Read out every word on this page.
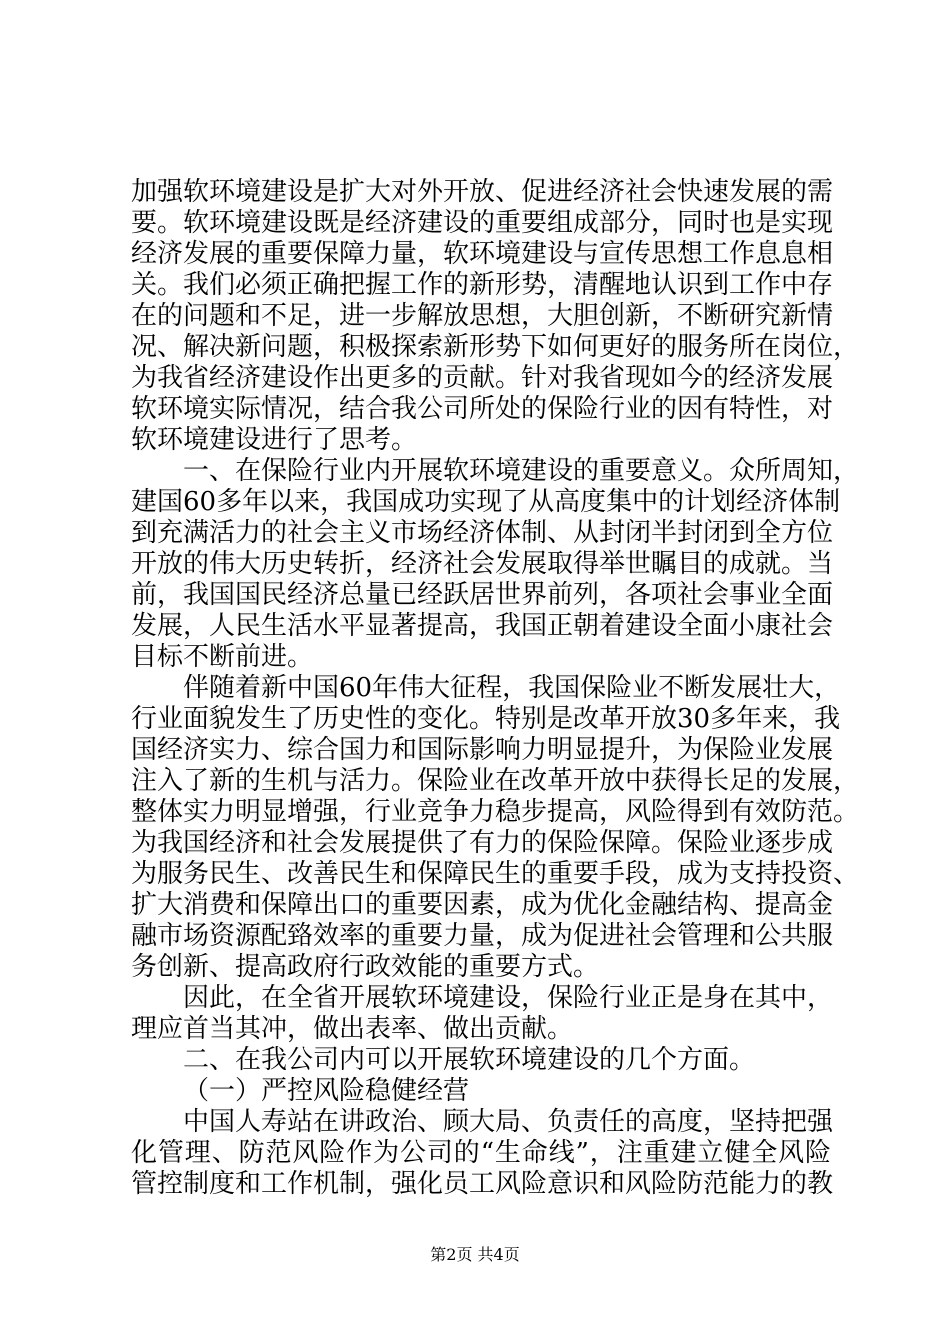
加强软环境建设是扩大对外开放、促进经济社会快速发展的需
要。软环境建设既是经济建设的重要组成部分，同时也是实现
经济发展的重要保障力量，软环境建设与宣传思想工作息息相
关。我们必须正确把握工作的新形势，清醒地认识到工作中存
在的问题和不足，进一步解放思想，大胆创新，不断研究新情
况、解决新问题，积极探索新形势下如何更好的服务所在岗位，
为我省经济建设作出更多的贡献。针对我省现如今的经济发展
软环境实际情况，结合我公司所处的保险行业的因有特性，对
软环境建设进行了思考。
一、在保险行业内开展软环境建设的重要意义。众所周知，
建国60多年以来，我国成功实现了从高度集中的计划经济体制
到充满活力的社会主义市场经济体制、从封闭半封闭到全方位
开放的伟大历史转折，经济社会发展取得举世瞩目的成就。当
前，我国国民经济总量已经跃居世界前列，各项社会事业全面
发展，人民生活水平显著提高，我国正朝着建设全面小康社会
目标不断前进。
伴随着新中国60年伟大征程，我国保险业不断发展壮大，
行业面貌发生了历史性的变化。特别是改革开放30多年来，我
国经济实力、综合国力和国际影响力明显提升，为保险业发展
注入了新的生机与活力。保险业在改革开放中获得长足的发展，
整体实力明显增强，行业竞争力稳步提高，风险得到有效防范。
为我国经济和社会发展提供了有力的保险保障。保险业逐步成
为服务民生、改善民生和保障民生的重要手段，成为支持投资、
扩大消费和保障出口的重要因素，成为优化金融结构、提高金
融市场资源配臵效率的重要力量，成为促进社会管理和公共服
务创新、提高政府行政效能的重要方式。
因此，在全省开展软环境建设，保险行业正是身在其中，
理应首当其冲，做出表率、做出贡献。
二、在我公司内可以开展软环境建设的几个方面。
（一）严控风险稳健经营
中国人寿站在讲政治、顾大局、负责任的高度，坚持把强
化管理、防范风险作为公司的“生命线”，注重建立健全风险
管控制度和工作机制，强化员工风险意识和风险防范能力的教
第2页 共4页
